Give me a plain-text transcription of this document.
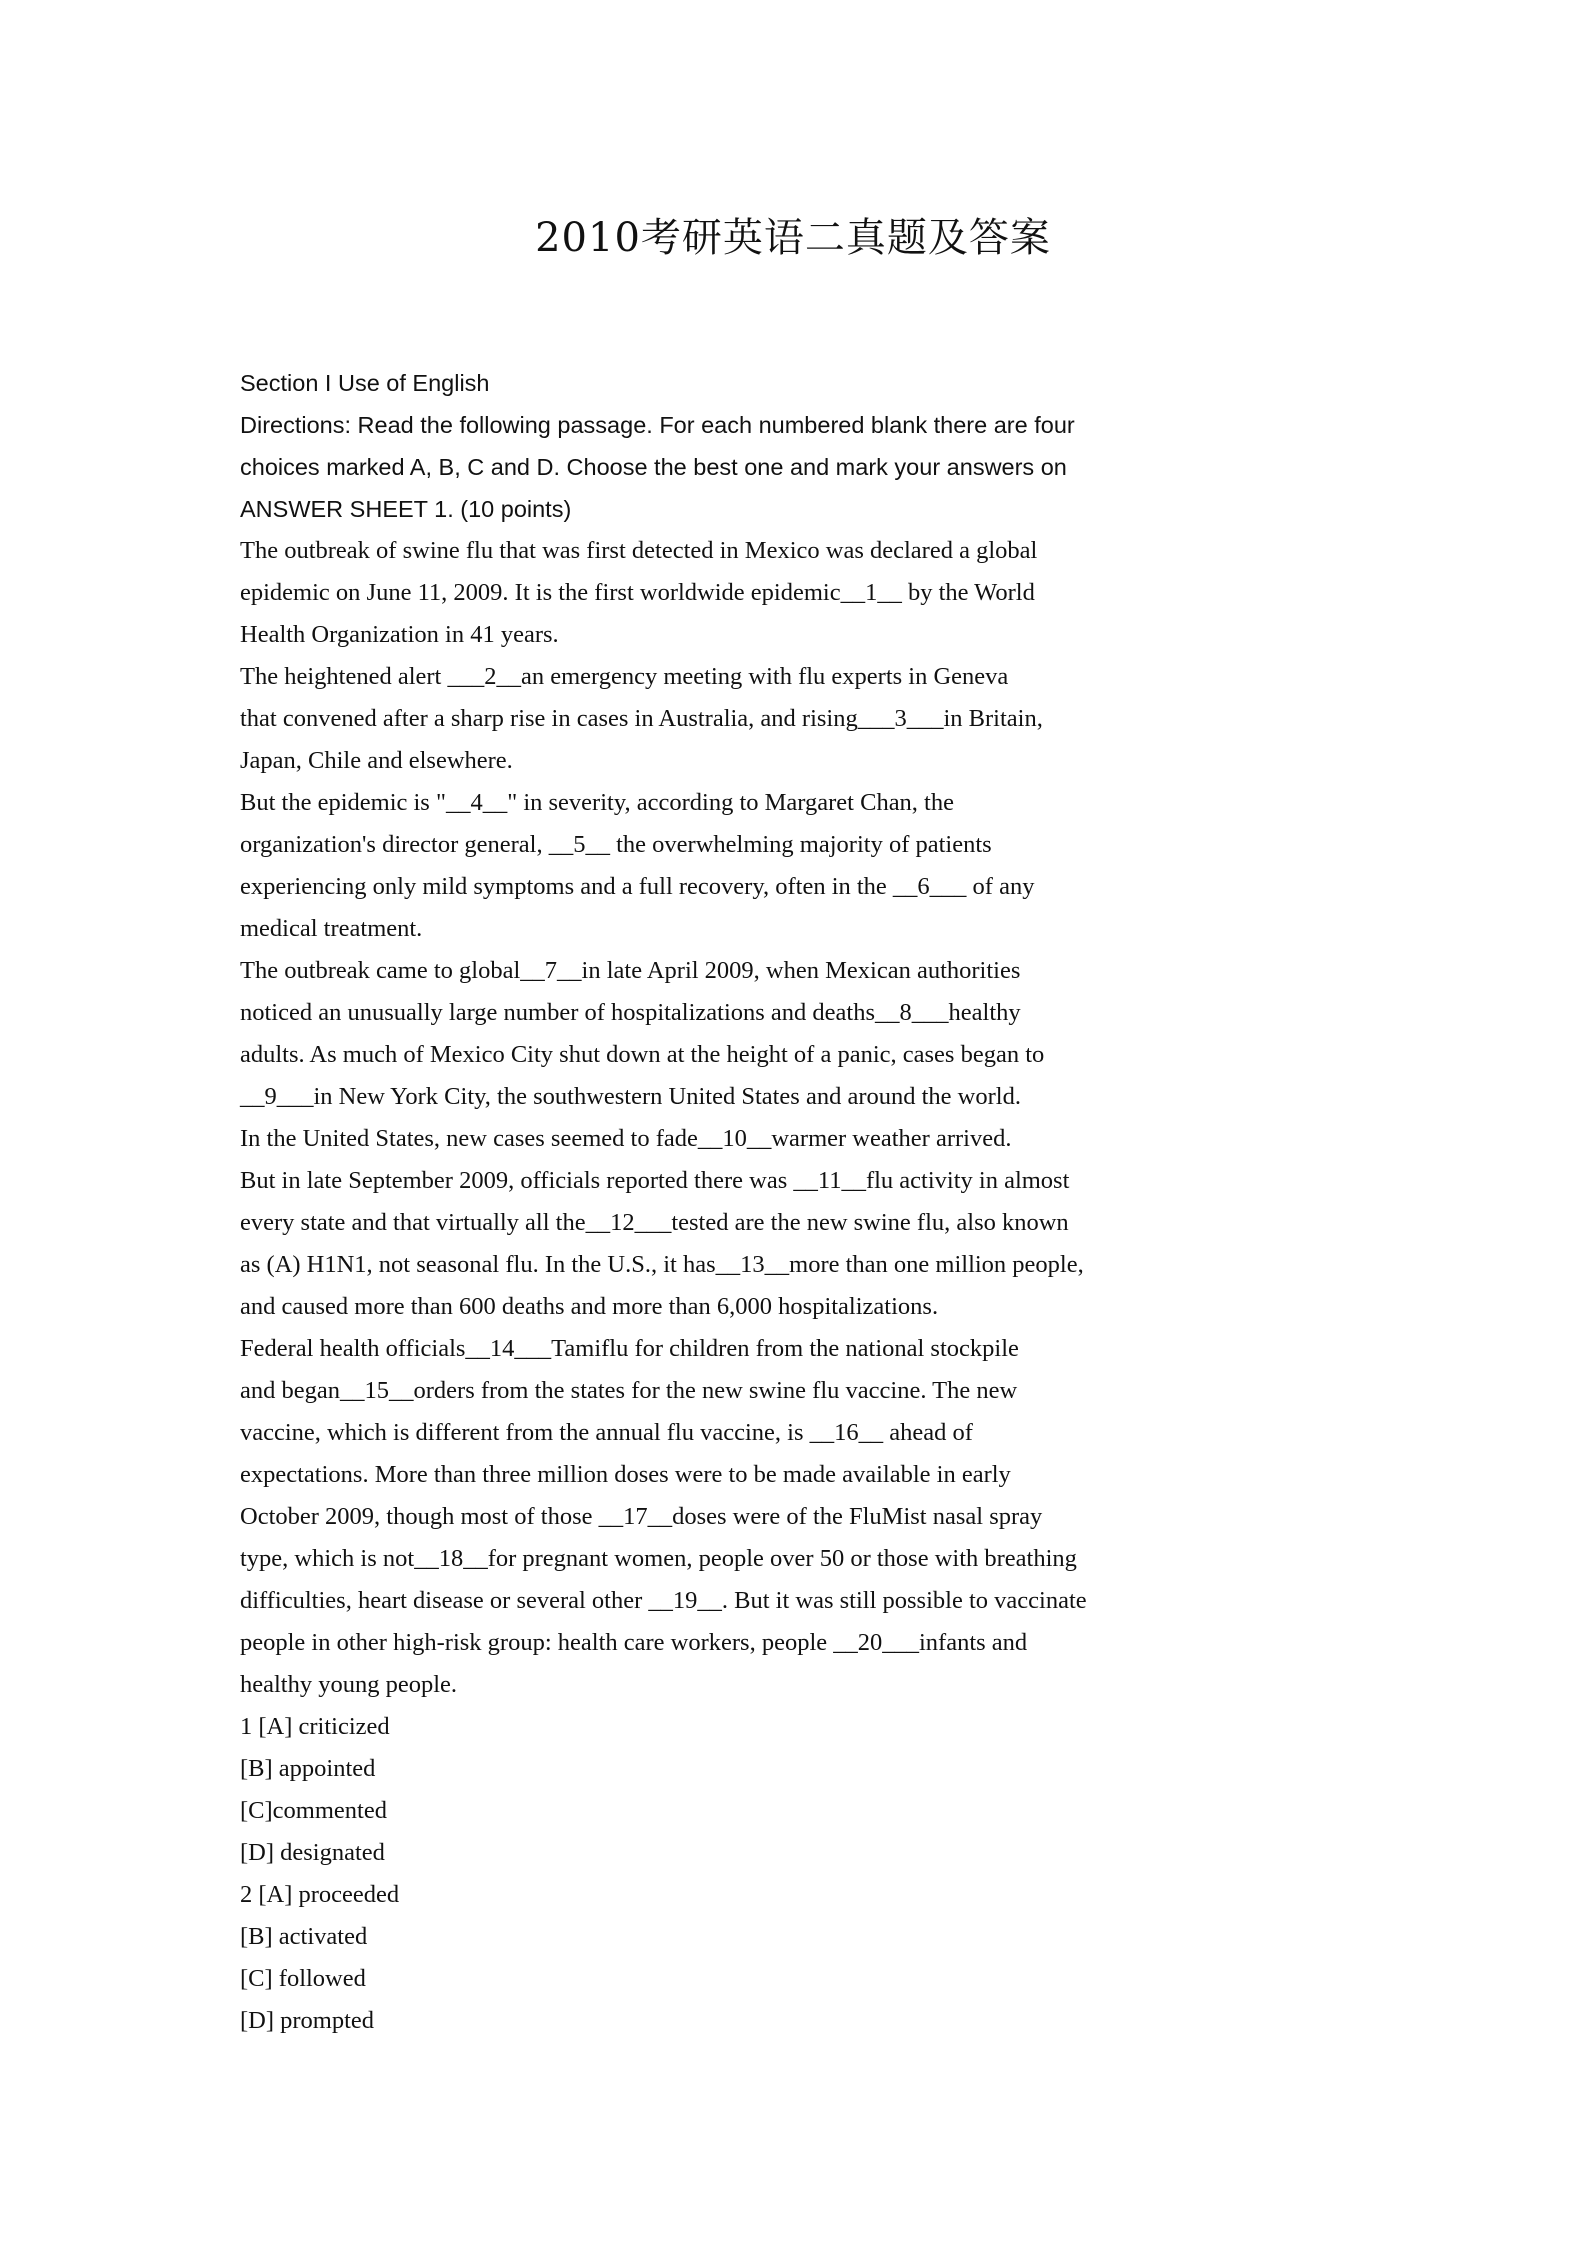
2010考研英语二真题及答案
Section I Use of English
Directions: Read the following passage. For each numbered blank there are four
choices marked A, B, C and D. Choose the best one and mark your answers on
ANSWER SHEET 1. (10 points)
The outbreak of swine flu that was first detected in Mexico was declared a global
epidemic on June 11, 2009. It is the first worldwide epidemic__1__ by the World
Health Organization in 41 years.
The heightened alert ___2__an emergency meeting with flu experts in Geneva
that convened after a sharp rise in cases in Australia, and rising___3___in Britain,
Japan, Chile and elsewhere.
But the epidemic is "__4__" in severity, according to Margaret Chan, the
organization's director general, __5__ the overwhelming majority of patients
experiencing only mild symptoms and a full recovery, often in the __6___ of any
medical treatment.
The outbreak came to global__7__in late April 2009, when Mexican authorities
noticed an unusually large number of hospitalizations and deaths__8___healthy
adults. As much of Mexico City shut down at the height of a panic, cases began to
__9___in New York City, the southwestern United States and around the world.
In the United States, new cases seemed to fade__10__warmer weather arrived.
But in late September 2009, officials reported there was __11__flu activity in almost
every state and that virtually all the__12___tested are the new swine flu, also known
as (A) H1N1, not seasonal flu. In the U.S., it has__13__more than one million people,
and caused more than 600 deaths and more than 6,000 hospitalizations.
Federal health officials__14___Tamiflu for children from the national stockpile
and began__15__orders from the states for the new swine flu vaccine. The new
vaccine, which is different from the annual flu vaccine, is __16__ ahead of
expectations. More than three million doses were to be made available in early
October 2009, though most of those __17__doses were of the FluMist nasal spray
type, which is not__18__for pregnant women, people over 50 or those with breathing
difficulties, heart disease or several other __19__. But it was still possible to vaccinate
people in other high-risk group: health care workers, people __20___infants and
healthy young people.
1 [A] criticized
[B] appointed
[C]commented
[D] designated
2 [A] proceeded
[B] activated
[C] followed
[D] prompted
